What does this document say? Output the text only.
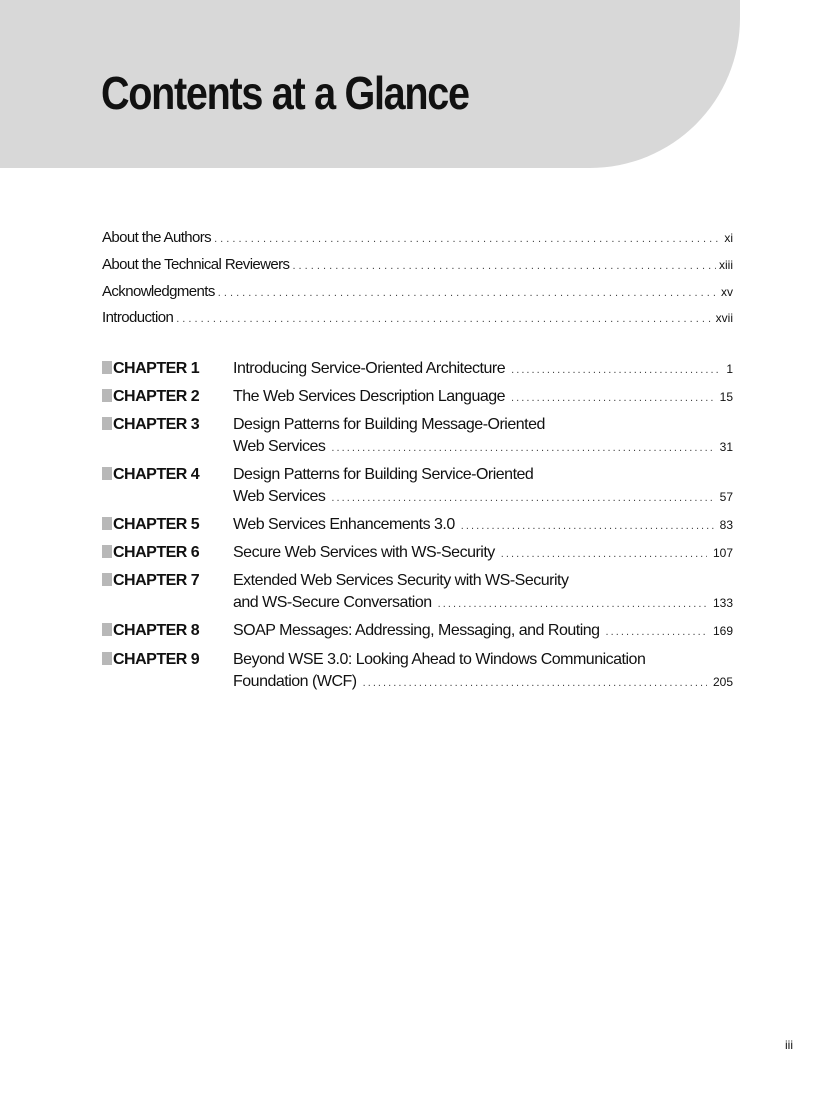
Contents at a Glance
About the Authors . . .	xi
About the Technical Reviewers . . .	xiii
Acknowledgments . . .	xv
Introduction . . .	xvii
CHAPTER 1 Introducing Service-Oriented Architecture . . .	1
CHAPTER 2 The Web Services Description Language . . .	15
CHAPTER 3 Design Patterns for Building Message-Oriented
Web Services . . .	31
CHAPTER 4 Design Patterns for Building Service-Oriented
Web Services . . .	57
CHAPTER 5 Web Services Enhancements 3.0 . . .	83
CHAPTER 6 Secure Web Services with WS-Security . . .	107
CHAPTER 7 Extended Web Services Security with WS-Security
and WS-Secure Conversation . . .	133
CHAPTER 8 SOAP Messages: Addressing, Messaging, and Routing . . .	169
CHAPTER 9 Beyond WSE 3.0: Looking Ahead to Windows Communication
Foundation (WCF) . . .	205
iii
